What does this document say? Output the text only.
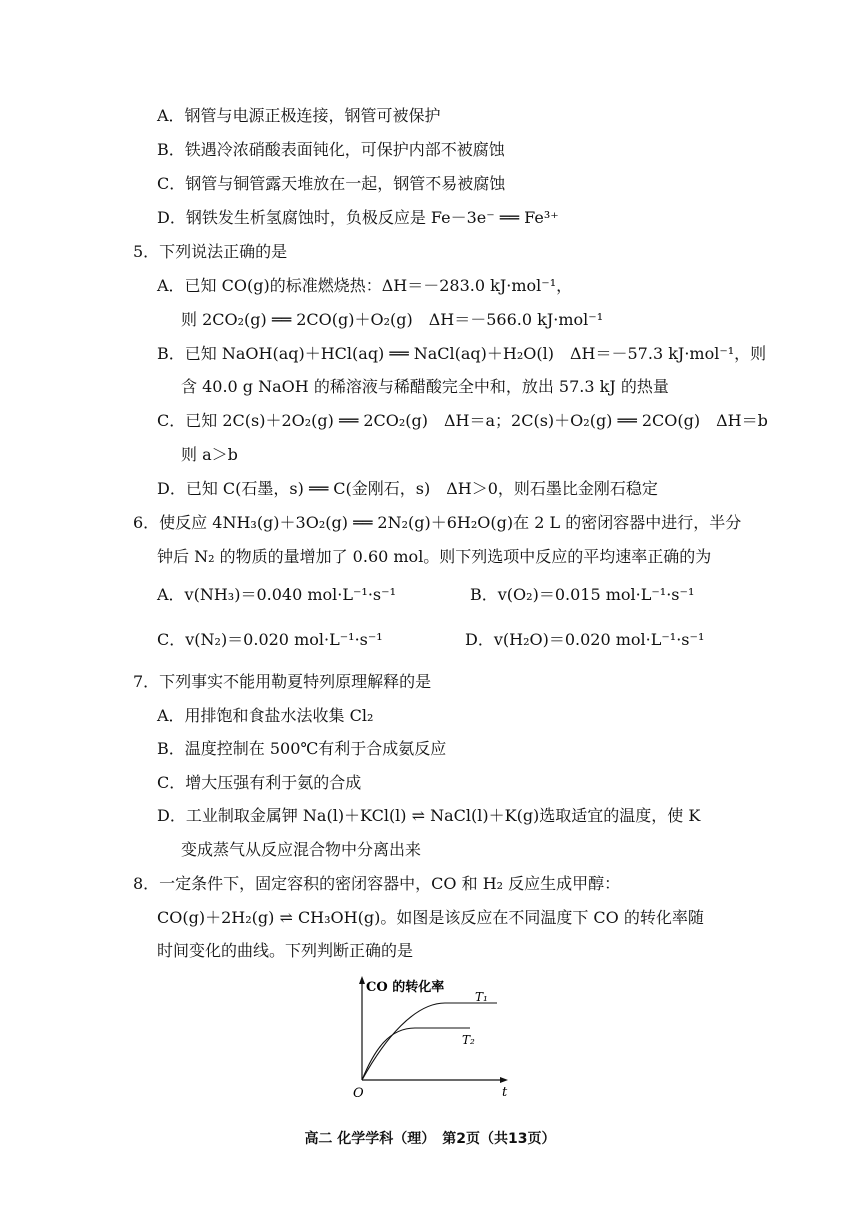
A．钢管与电源正极连接，钢管可被保护
B．铁遇冷浓硝酸表面钝化，可保护内部不被腐蚀
C．钢管与铜管露天堆放在一起，钢管不易被腐蚀
D．钢铁发生析氢腐蚀时，负极反应是 Fe－3e⁻ ══ Fe³⁺
5．下列说法正确的是
A．已知 CO(g)的标准燃烧热：ΔH＝－283.0 kJ·mol⁻¹，
则 2CO₂(g) ══ 2CO(g)＋O₂(g)　ΔH＝－566.0 kJ·mol⁻¹
B．已知 NaOH(aq)＋HCl(aq) ══ NaCl(aq)＋H₂O(l)　ΔH＝－57.3 kJ·mol⁻¹，则
含 40.0 g NaOH 的稀溶液与稀醋酸完全中和，放出 57.3 kJ 的热量
C．已知 2C(s)＋2O₂(g) ══ 2CO₂(g)　ΔH＝a；2C(s)＋O₂(g) ══ 2CO(g)　ΔH＝b
则 a＞b
D．已知 C(石墨，s) ══ C(金刚石，s)　ΔH＞0，则石墨比金刚石稳定
6．使反应 4NH₃(g)＋3O₂(g) ══ 2N₂(g)＋6H₂O(g)在 2 L 的密闭容器中进行，半分
钟后 N₂ 的物质的量增加了 0.60 mol。则下列选项中反应的平均速率正确的为
A．v(NH₃)＝0.040 mol·L⁻¹·s⁻¹	B．v(O₂)＝0.015 mol·L⁻¹·s⁻¹
C．v(N₂)＝0.020 mol·L⁻¹·s⁻¹	D．v(H₂O)＝0.020 mol·L⁻¹·s⁻¹
7．下列事实不能用勒夏特列原理解释的是
A．用排饱和食盐水法收集 Cl₂
B．温度控制在 500℃有利于合成氨反应
C．增大压强有利于氨的合成
D．工业制取金属钾 Na(l)＋KCl(l) ⇌ NaCl(l)＋K(g)选取适宜的温度，使 K
变成蒸气从反应混合物中分离出来
8．一定条件下，固定容积的密闭容器中，CO 和 H₂ 反应生成甲醇：
CO(g)＋2H₂(g) ⇌ CH₃OH(g)。如图是该反应在不同温度下 CO 的转化率随
时间变化的曲线。下列判断正确的是
CO 的转化率
t
O
T₁
T₂
高二 化学学科（理）　第2页（共13页）
